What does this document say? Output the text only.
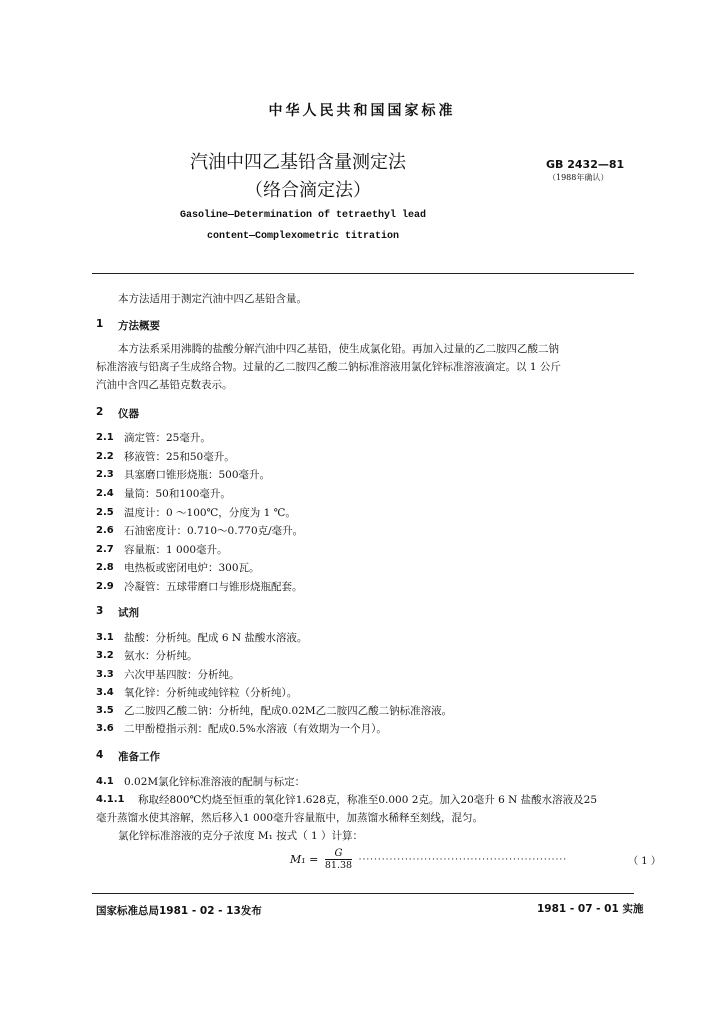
中华人民共和国国家标准
汽油中四乙基铅含量测定法
（络合滴定法）
GB 2432—81
（1988年确认）
Gasoline—Determination of tetraethyl lead
content—Complexometric titration
本方法适用于测定汽油中四乙基铅含量。
1 方法概要
本方法系采用沸腾的盐酸分解汽油中四乙基铅，使生成氯化铅。再加入过量的乙二胺四乙酸二钠
标准溶液与铅离子生成络合物。过量的乙二胺四乙酸二钠标准溶液用氯化锌标准溶液滴定。以 1 公斤
汽油中含四乙基铅克数表示。
2 仪器
2.1 滴定管：25毫升。
2.2 移液管：25和50毫升。
2.3 具塞磨口锥形烧瓶：500毫升。
2.4 量筒：50和100毫升。
2.5 温度计：0 ～100℃，分度为 1 ℃。
2.6 石油密度计：0.710～0.770克/毫升。
2.7 容量瓶：1 000毫升。
2.8 电热板或密闭电炉：300瓦。
2.9 冷凝管：五球带磨口与锥形烧瓶配套。
3 试剂
3.1 盐酸：分析纯。配成 6 N 盐酸水溶液。
3.2 氨水：分析纯。
3.3 六次甲基四胺：分析纯。
3.4 氧化锌：分析纯或纯锌粒（分析纯）。
3.5 乙二胺四乙酸二钠：分析纯，配成0.02M乙二胺四乙酸二钠标准溶液。
3.6 二甲酚橙指示剂：配成0.5%水溶液（有效期为一个月）。
4 准备工作
4.1 0.02M氯化锌标准溶液的配制与标定：
4.1.1 称取经800℃灼烧至恒重的氧化锌1.628克，称准至0.000 2克。加入20毫升 6 N 盐酸水溶液及25
毫升蒸馏水使其溶解，然后移入1 000毫升容量瓶中，加蒸馏水稀释至刻线，混匀。
氯化锌标准溶液的克分子浓度 M₁ 按式（ 1 ）计算：
$M_1 = \frac{G}{81.38}$ ······················································	（ 1 ）
国家标准总局1981 - 02 - 13发布	1981 - 07 - 01 实施
